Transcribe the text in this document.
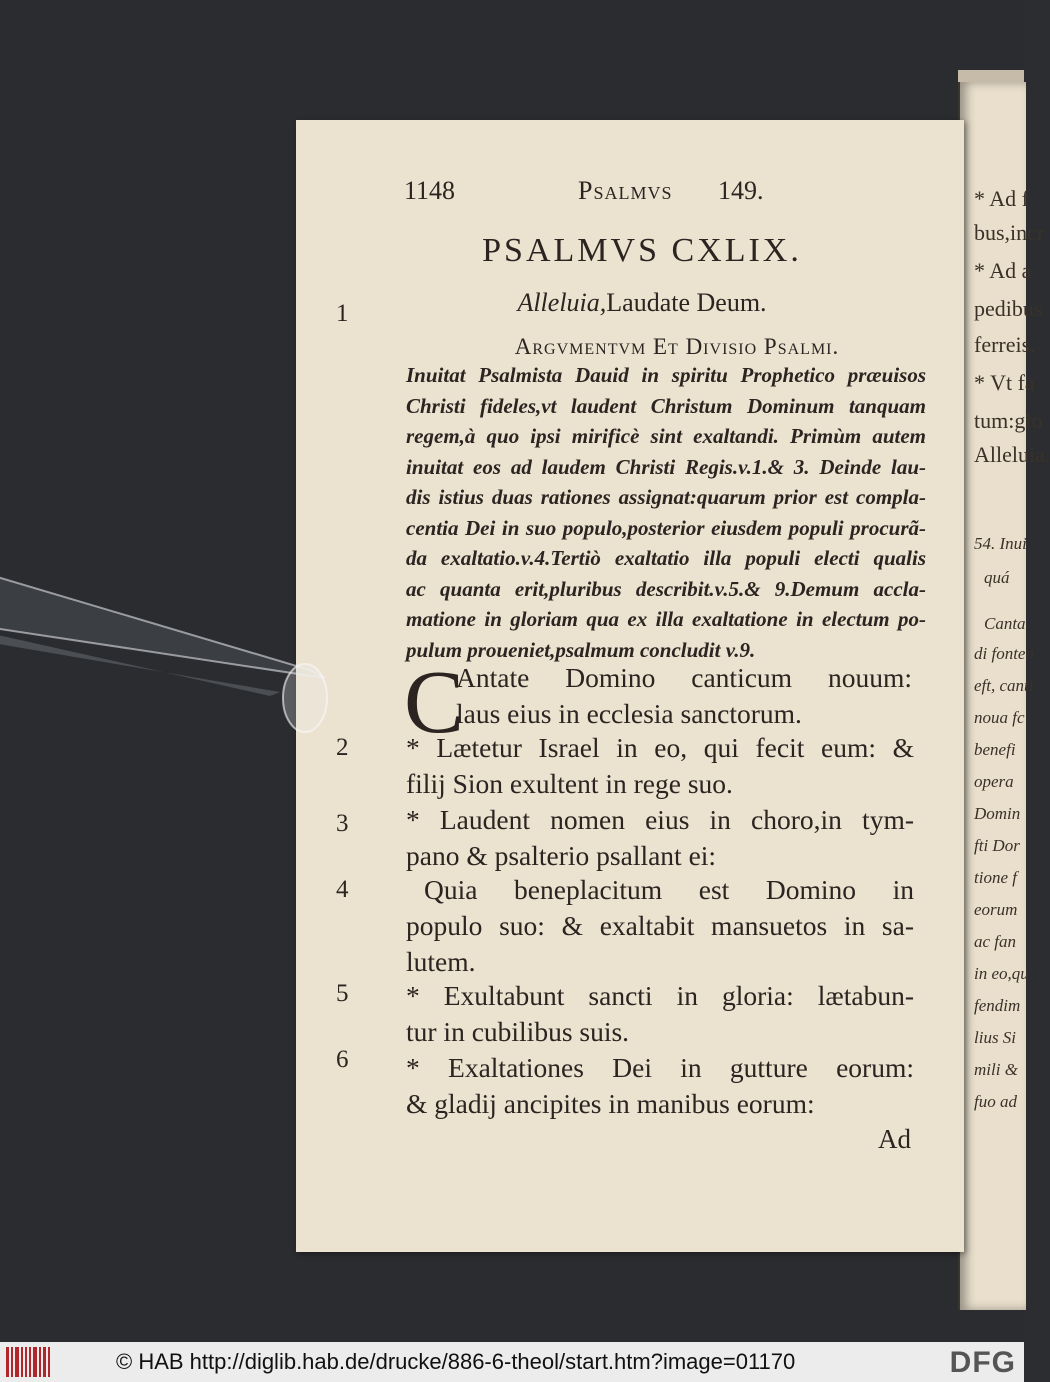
* Ad f
bus,incr
* Ad a
pedibus
ferreis.
* Vt fa
tum:glo
Alleluia.
54. Inui
quá
Canta
di fonten
eft, canti
noua fc
benefi
opera
Domin
fti Dor
tione f
eorum
ac fan
in eo,qu
fendim
lius Si
mili &
fuo ad
1148	Psalmvs 149.
PSALMVS CXLIX.
1	Alleluia,Laudate Deum.
Argvmentvm Et Divisio Psalmi.
Inuitat Psalmista Dauid in spiritu Prophetico præuisos
Christi fideles,vt laudent Christum Dominum tanquam
regem,à quo ipsi mirificè sint exaltandi. Primùm autem
inuitat eos ad laudem Christi Regis.v.1.& 3. Deinde lau-
dis istius duas rationes assignat:quarum prior est compla-
centia Dei in suo populo,posterior eiusdem populi procurã-
da exaltatio.v.4.Tertiò exaltatio illa populi electi qualis
ac quanta erit,pluribus describit.v.5.& 9.Demum accla-
matione in gloriam qua ex illa exaltatione in electum po-
pulum proueniet,psalmum concludit v.9.
C
Antate Domino canticum nouum:
laus eius in ecclesia sanctorum.
2 * Lætetur Israel in eo, qui fecit eum: &
filij Sion exultent in rege suo.
3 * Laudent nomen eius in choro,in tym-
pano & psalterio psallant ei:
4	Quia beneplacitum est Domino in
populo suo: & exaltabit mansuetos in sa-
lutem.
5 * Exultabunt sancti in gloria: lætabun-
tur in cubilibus suis.
6 * Exaltationes Dei in gutture eorum:
& gladij ancipites in manibus eorum:
Ad
© HAB http://diglib.hab.de/drucke/886-6-theol/start.htm?image=01170	DFG
